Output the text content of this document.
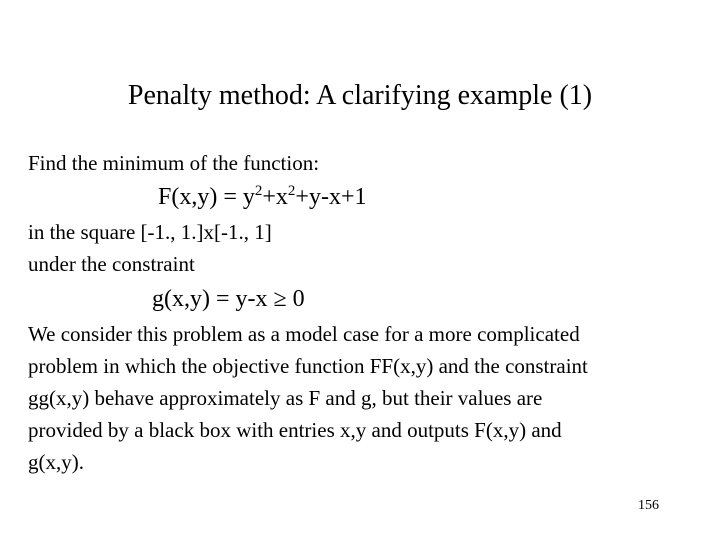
Penalty method: A clarifying example (1)
Find the minimum of the function:
$F(x,y) = y^2+x^2+y-x+1$
in the square [-1., 1.]x[-1., 1]
under the constraint
g(x,y) = y-x ≥ 0
We consider this problem as a model case for a more complicated
problem in which the objective function FF(x,y) and the constraint
gg(x,y) behave approximately as F and g, but their values are
provided by a black box with entries x,y and outputs F(x,y) and
g(x,y).
156
